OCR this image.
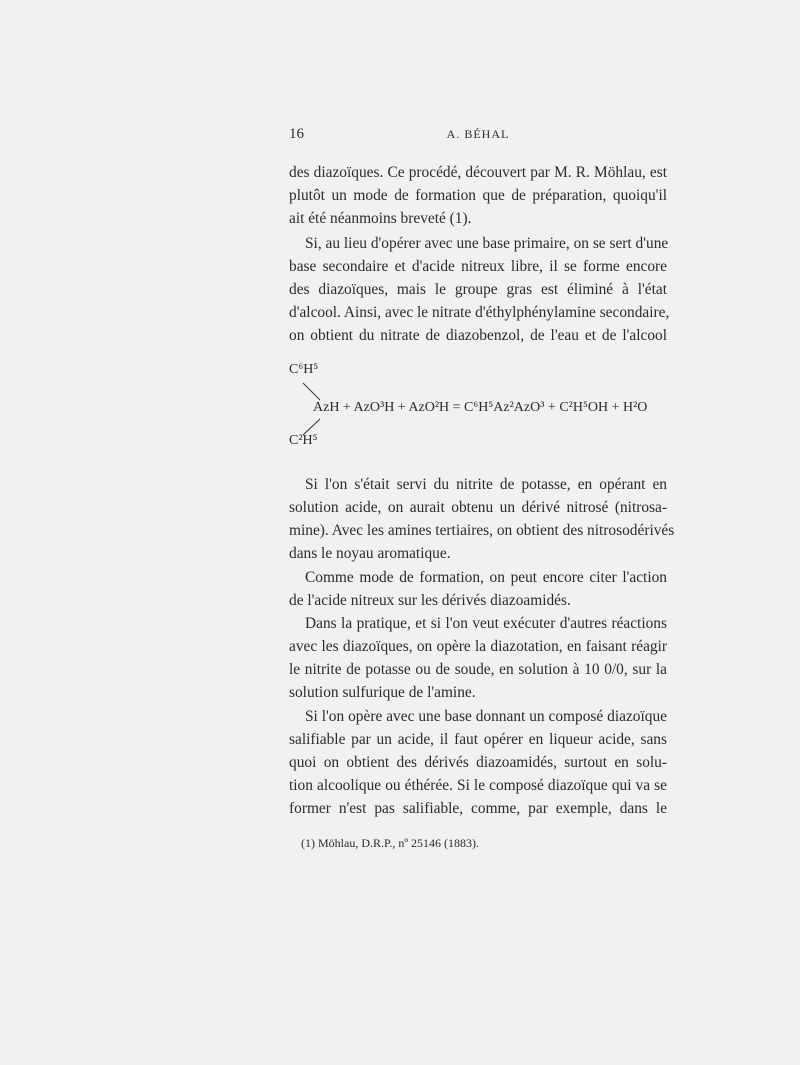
16	A. BÉHAL
des diazoïques. Ce procédé, découvert par M. R. Möhlau, est
plutôt un mode de formation que de préparation, quoiqu'il
ait été néanmoins breveté (1).
Si, au lieu d'opérer avec une base primaire, on se sert d'une
base secondaire et d'acide nitreux libre, il se forme encore
des diazoïques, mais le groupe gras est éliminé à l'état
d'alcool. Ainsi, avec le nitrate d'éthylphénylamine secondaire,
on obtient du nitrate de diazobenzol, de l'eau et de l'alcool
C⁶H⁵
AzH + AzO³H + AzO²H = C⁶H⁵Az²AzO³ + C²H⁵OH + H²O
C²H⁵
Si l'on s'était servi du nitrite de potasse, en opérant en
solution acide, on aurait obtenu un dérivé nitrosé (nitrosa-
mine). Avec les amines tertiaires, on obtient des nitrosodérivés
dans le noyau aromatique.
Comme mode de formation, on peut encore citer l'action
de l'acide nitreux sur les dérivés diazoamidés.
Dans la pratique, et si l'on veut exécuter d'autres réactions
avec les diazoïques, on opère la diazotation, en faisant réagir
le nitrite de potasse ou de soude, en solution à 10 0/0, sur la
solution sulfurique de l'amine.
Si l'on opère avec une base donnant un composé diazoïque
salifiable par un acide, il faut opérer en liqueur acide, sans
quoi on obtient des dérivés diazoamidés, surtout en solu-
tion alcoolique ou éthérée. Si le composé diazoïque qui va se
former n'est pas salifiable, comme, par exemple, dans le
(1) Möhlau, D.R.P., nº 25146 (1883).
